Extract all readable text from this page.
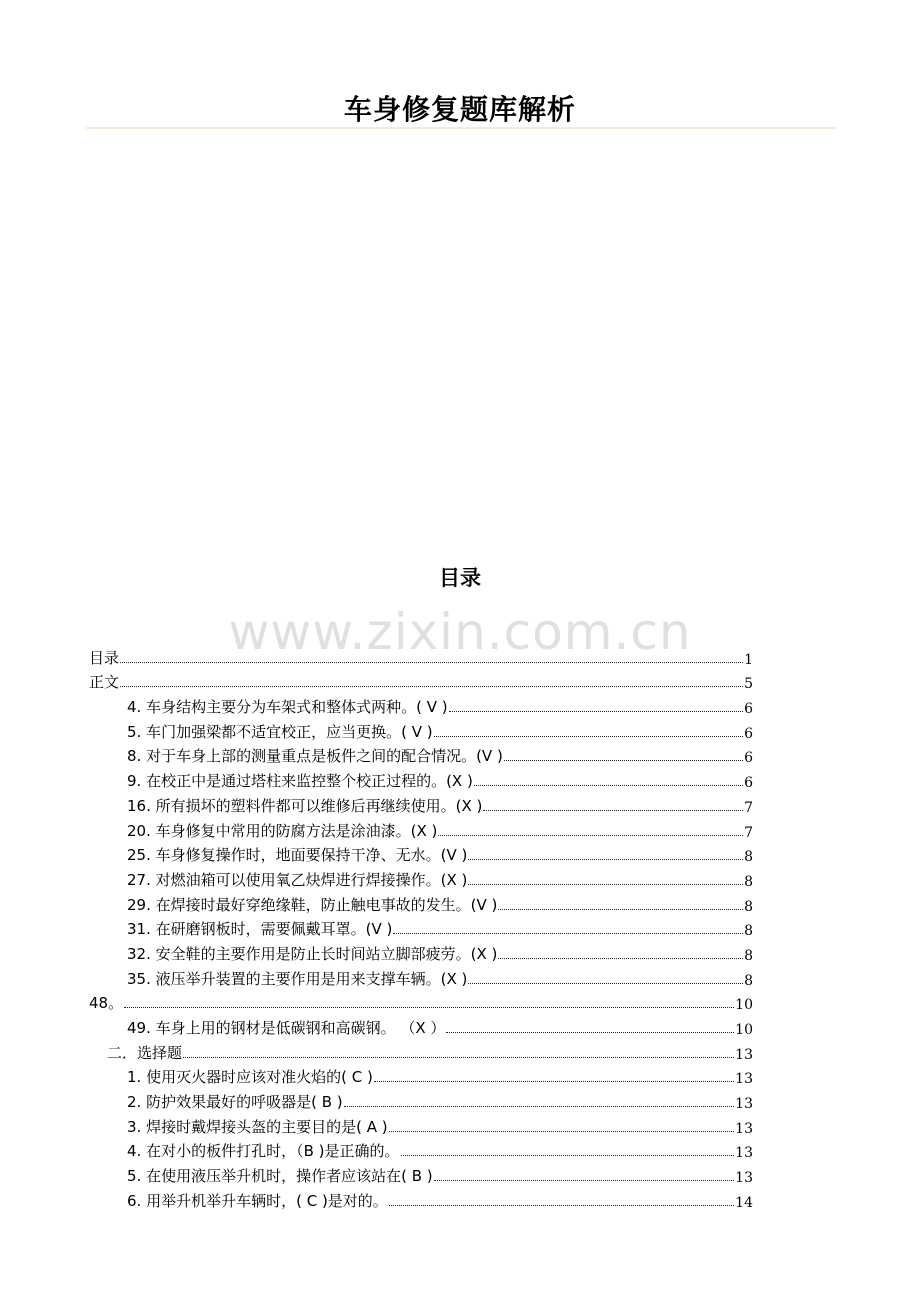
车身修复题库解析
目录
www.zixin.com.cn
目录	1
正文	5
4. 车身结构主要分为车架式和整体式两种。( V )	6
5. 车门加强梁都不适宜校正，应当更换。( V )	6
8. 对于车身上部的测量重点是板件之间的配合情况。(V )	6
9. 在校正中是通过塔柱来监控整个校正过程的。(X )	6
16. 所有损坏的塑料件都可以维修后再继续使用。(X )	7
20. 车身修复中常用的防腐方法是涂油漆。(X )	7
25. 车身修复操作时，地面要保持干净、无水。(V )	8
27. 对燃油箱可以使用氧乙炔焊进行焊接操作。(X )	8
29. 在焊接时最好穿绝缘鞋，防止触电事故的发生。(V )	8
31. 在研磨钢板时，需要佩戴耳罩。(V )	8
32. 安全鞋的主要作用是防止长时间站立脚部疲劳。(X )	8
35. 液压举升装置的主要作用是用来支撑车辆。(X )	8
48。	10
49. 车身上用的钢材是低碳钢和高碳钢。 （X ）	10
二．选择题	13
1. 使用灭火器时应该对准火焰的( C )	13
2. 防护效果最好的呼吸器是( B )	13
3. 焊接时戴焊接头盔的主要目的是( A )	13
4. 在对小的板件打孔时，（B )是正确的。	13
5. 在使用液压举升机时，操作者应该站在( B )	13
6. 用举升机举升车辆时，( C )是对的。	14
